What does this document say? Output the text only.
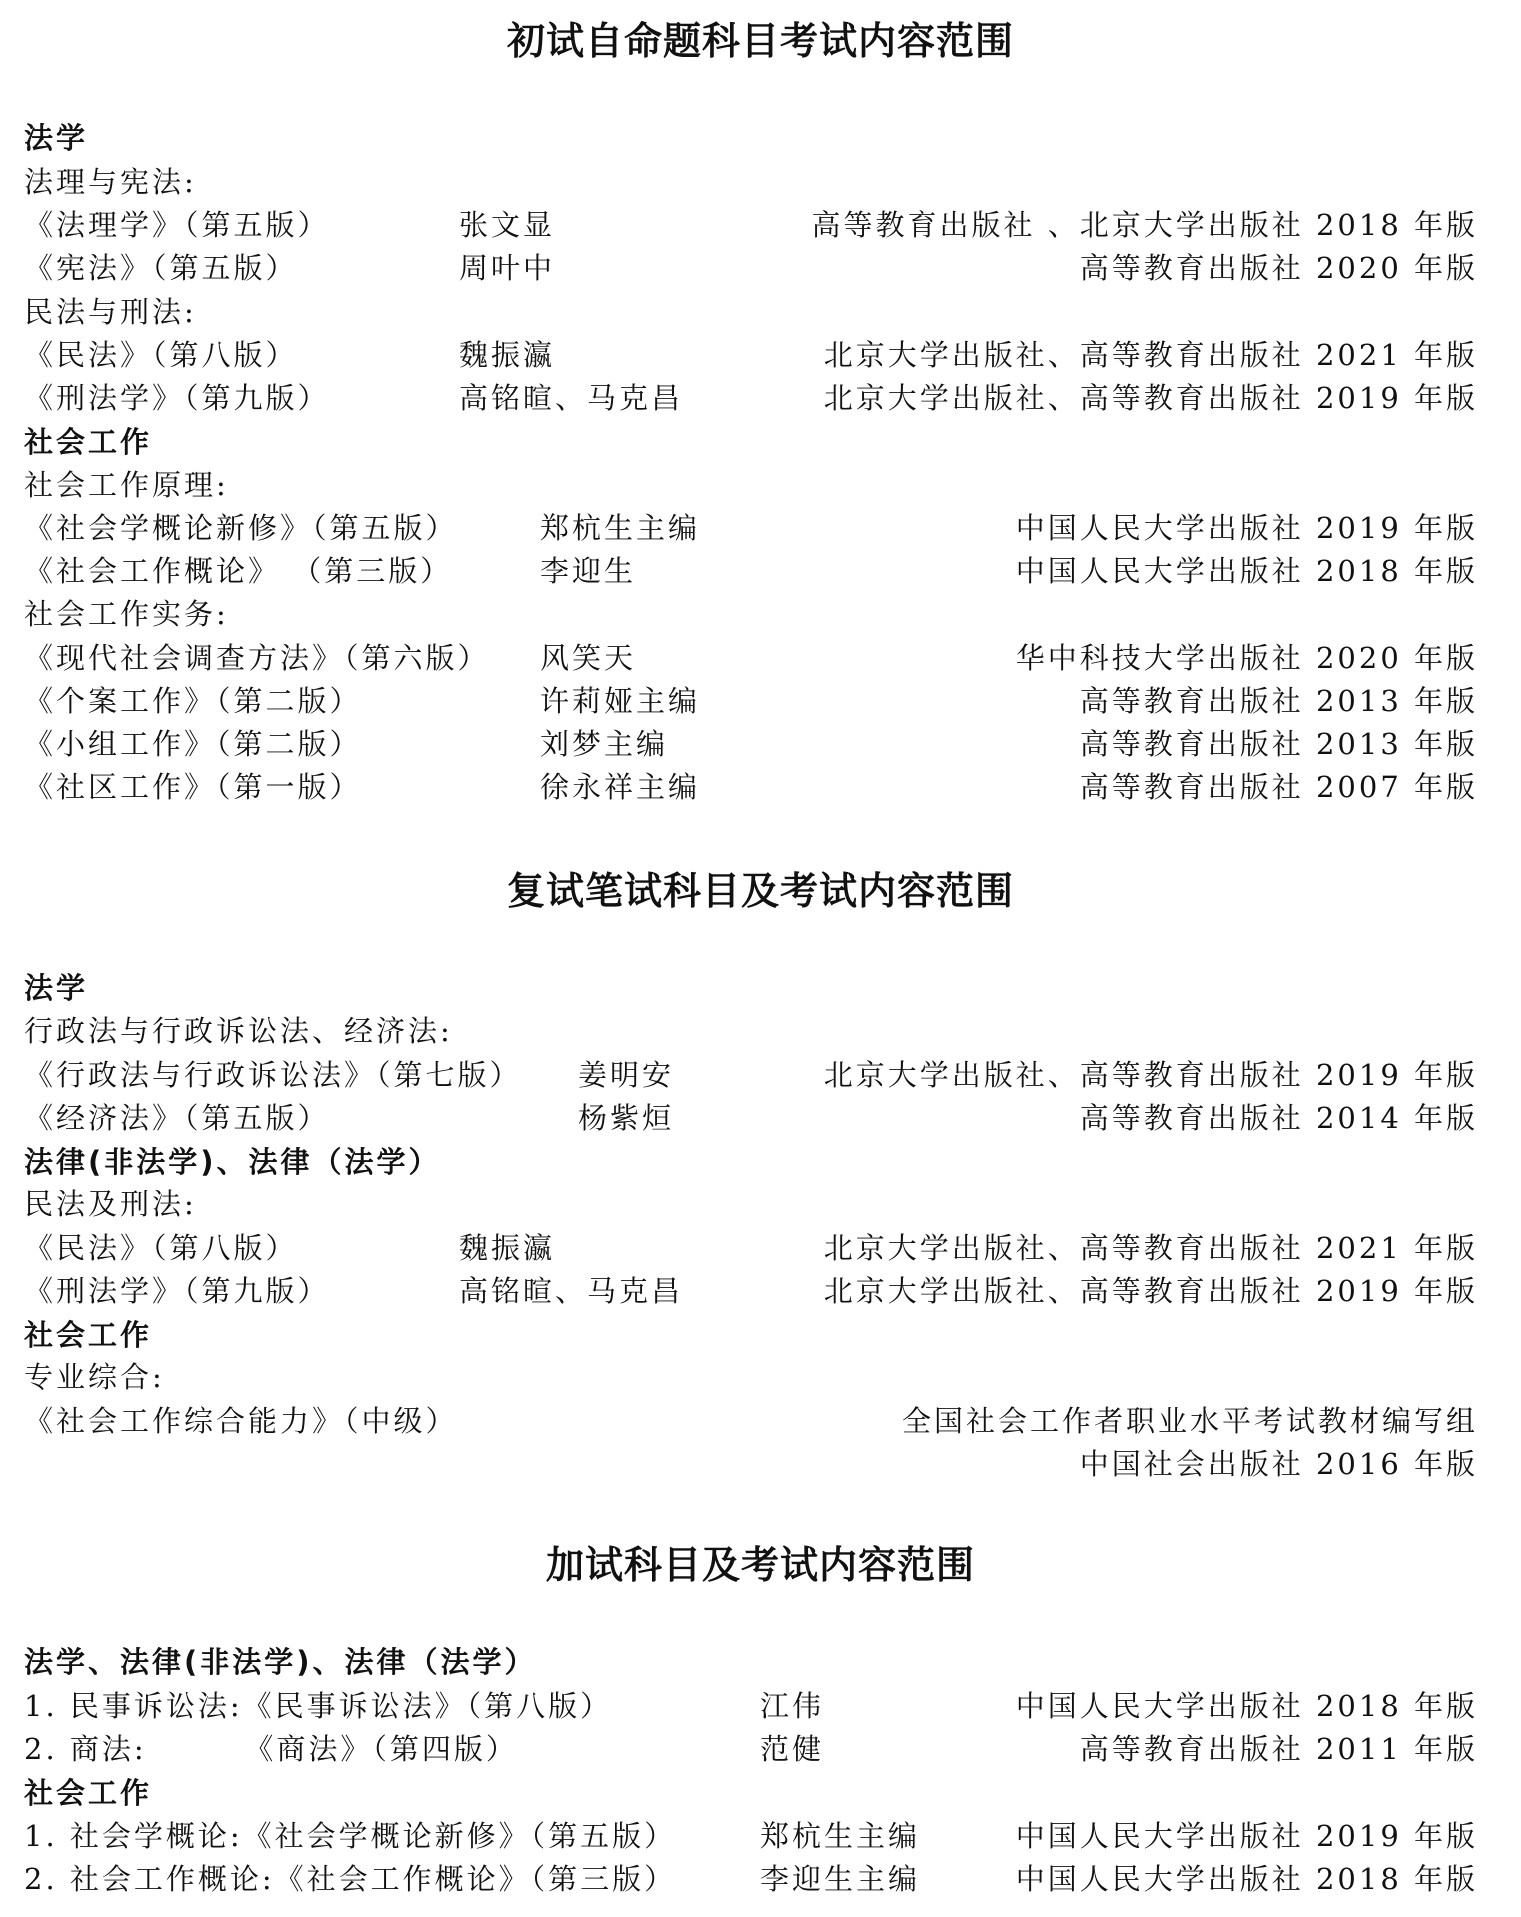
初试自命题科目考试内容范围
法学
法理与宪法:
《法理学》（第五版）	张文显	高等教育出版社 、北京大学出版社 2018 年版
《宪法》（第五版）	周叶中	高等教育出版社 2020 年版
民法与刑法:
《民法》（第八版）	魏振瀛	北京大学出版社、高等教育出版社 2021 年版
《刑法学》（第九版）	高铭暄、马克昌	北京大学出版社、高等教育出版社 2019 年版
社会工作
社会工作原理:
《社会学概论新修》（第五版）	郑杭生主编	中国人民大学出版社 2019 年版
《社会工作概论》 （第三版）	李迎生	中国人民大学出版社 2018 年版
社会工作实务:
《现代社会调查方法》（第六版） 风笑天	华中科技大学出版社 2020 年版
《个案工作》（第二版）	许莉娅主编	高等教育出版社 2013 年版
《小组工作》（第二版）	刘梦主编	高等教育出版社 2013 年版
《社区工作》（第一版）	徐永祥主编	高等教育出版社 2007 年版
复试笔试科目及考试内容范围
法学
行政法与行政诉讼法、经济法:
《行政法与行政诉讼法》（第七版） 姜明安	北京大学出版社、高等教育出版社 2019 年版
《经济法》（第五版）	杨紫烜	高等教育出版社 2014 年版
法律(非法学)、法律（法学）
民法及刑法:
《民法》（第八版）	魏振瀛	北京大学出版社、高等教育出版社 2021 年版
《刑法学》（第九版）	高铭暄、马克昌	北京大学出版社、高等教育出版社 2019 年版
社会工作
专业综合:
《社会工作综合能力》（中级）	全国社会工作者职业水平考试教材编写组
中国社会出版社 2016 年版
加试科目及考试内容范围
法学、法律(非法学)、法律（法学）
1. 民事诉讼法:《民事诉讼法》（第八版）	江伟	中国人民大学出版社 2018 年版
2. 商法:        《商法》（第四版）	范健	高等教育出版社 2011 年版
社会工作
1. 社会学概论:《社会学概论新修》（第五版）	郑杭生主编	中国人民大学出版社 2019 年版
2. 社会工作概论:《社会工作概论》（第三版）	李迎生主编	中国人民大学出版社 2018 年版
